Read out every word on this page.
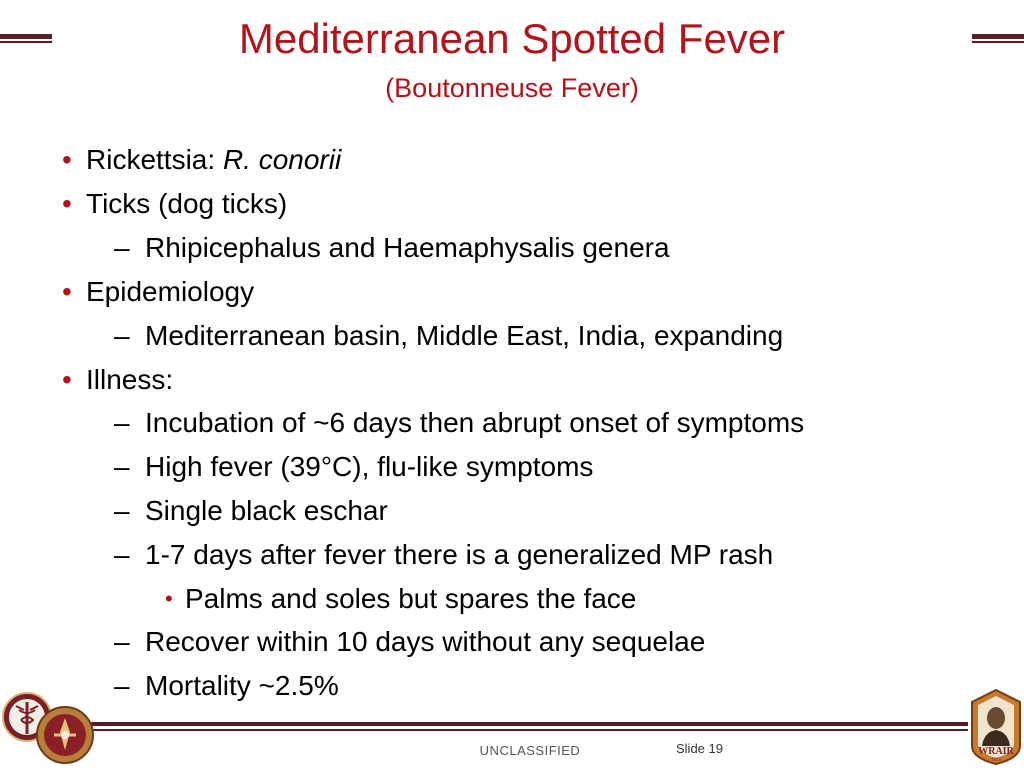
Mediterranean Spotted Fever
(Boutonneuse Fever)
• Rickettsia: R. conorii
• Ticks (dog ticks)
– Rhipicephalus and Haemaphysalis genera
• Epidemiology
– Mediterranean basin, Middle East, India, expanding
• Illness:
– Incubation of ~6 days then abrupt onset of symptoms
– High fever (39°C), flu-like symptoms
– Single black eschar
– 1-7 days after fever there is a generalized MP rash
• Palms and soles but spares the face
– Recover within 10 days without any sequelae
– Mortality ~2.5%
UNCLASSIFIED	Slide 19	WRAIR
1893
